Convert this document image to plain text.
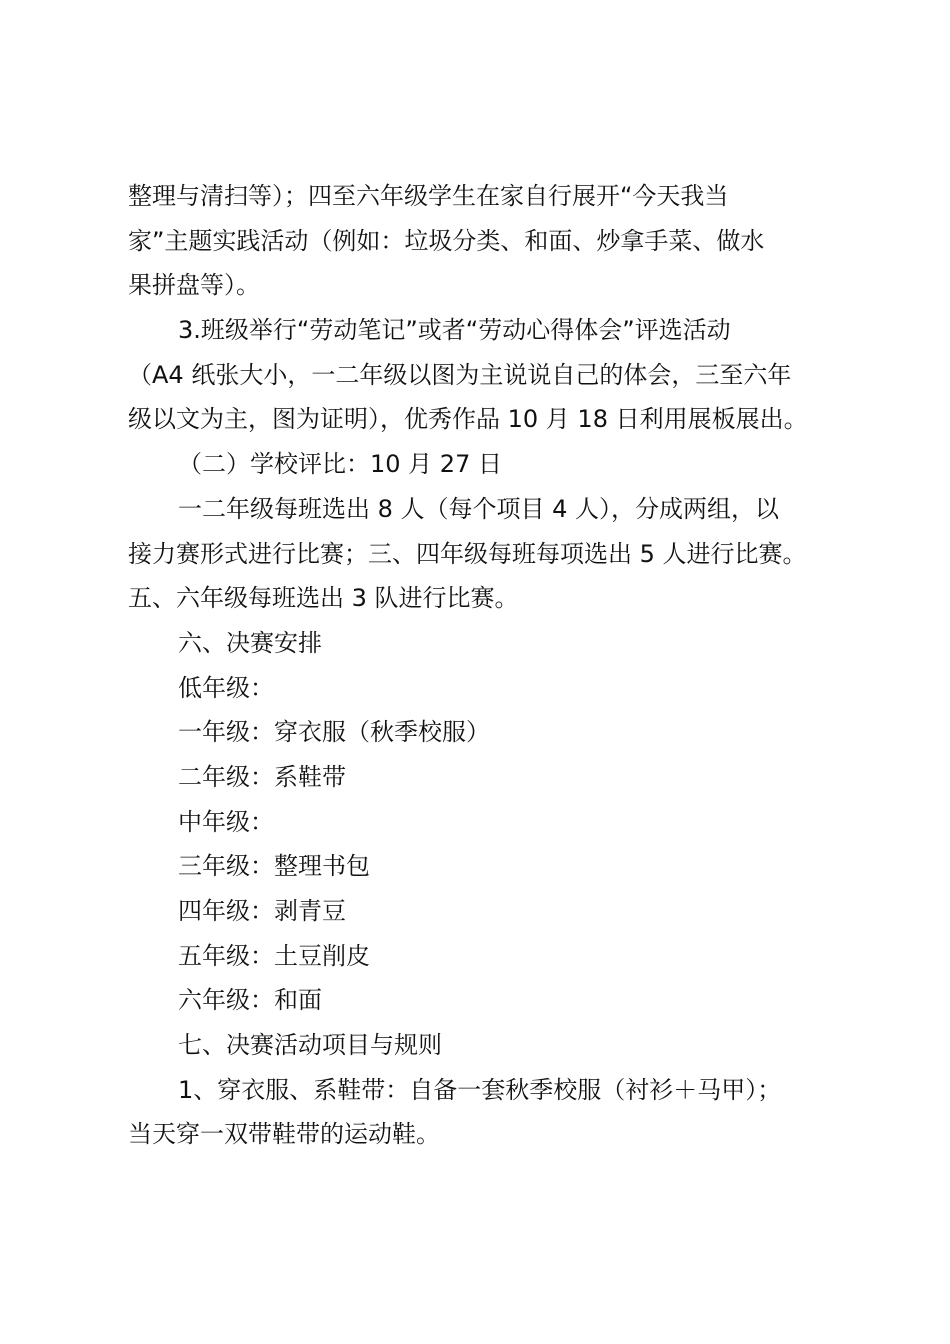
整理与清扫等）；四至六年级学生在家自行展开“今天我当
家”主题实践活动（例如：垃圾分类、和面、炒拿手菜、做水
果拼盘等）。
3.班级举行“劳动笔记”或者“劳动心得体会”评选活动
（A4 纸张大小，一二年级以图为主说说自己的体会，三至六年
级以文为主，图为证明），优秀作品 10 月 18 日利用展板展出。
（二）学校评比：10 月 27 日
一二年级每班选出 8 人（每个项目 4 人），分成两组，以
接力赛形式进行比赛；三、四年级每班每项选出 5 人进行比赛。
五、六年级每班选出 3 队进行比赛。
六、决赛安排
低年级：
一年级：穿衣服（秋季校服）
二年级：系鞋带
中年级：
三年级：整理书包
四年级：剥青豆
五年级：土豆削皮
六年级：和面
七、决赛活动项目与规则
1、穿衣服、系鞋带：自备一套秋季校服（衬衫＋马甲）；
当天穿一双带鞋带的运动鞋。
